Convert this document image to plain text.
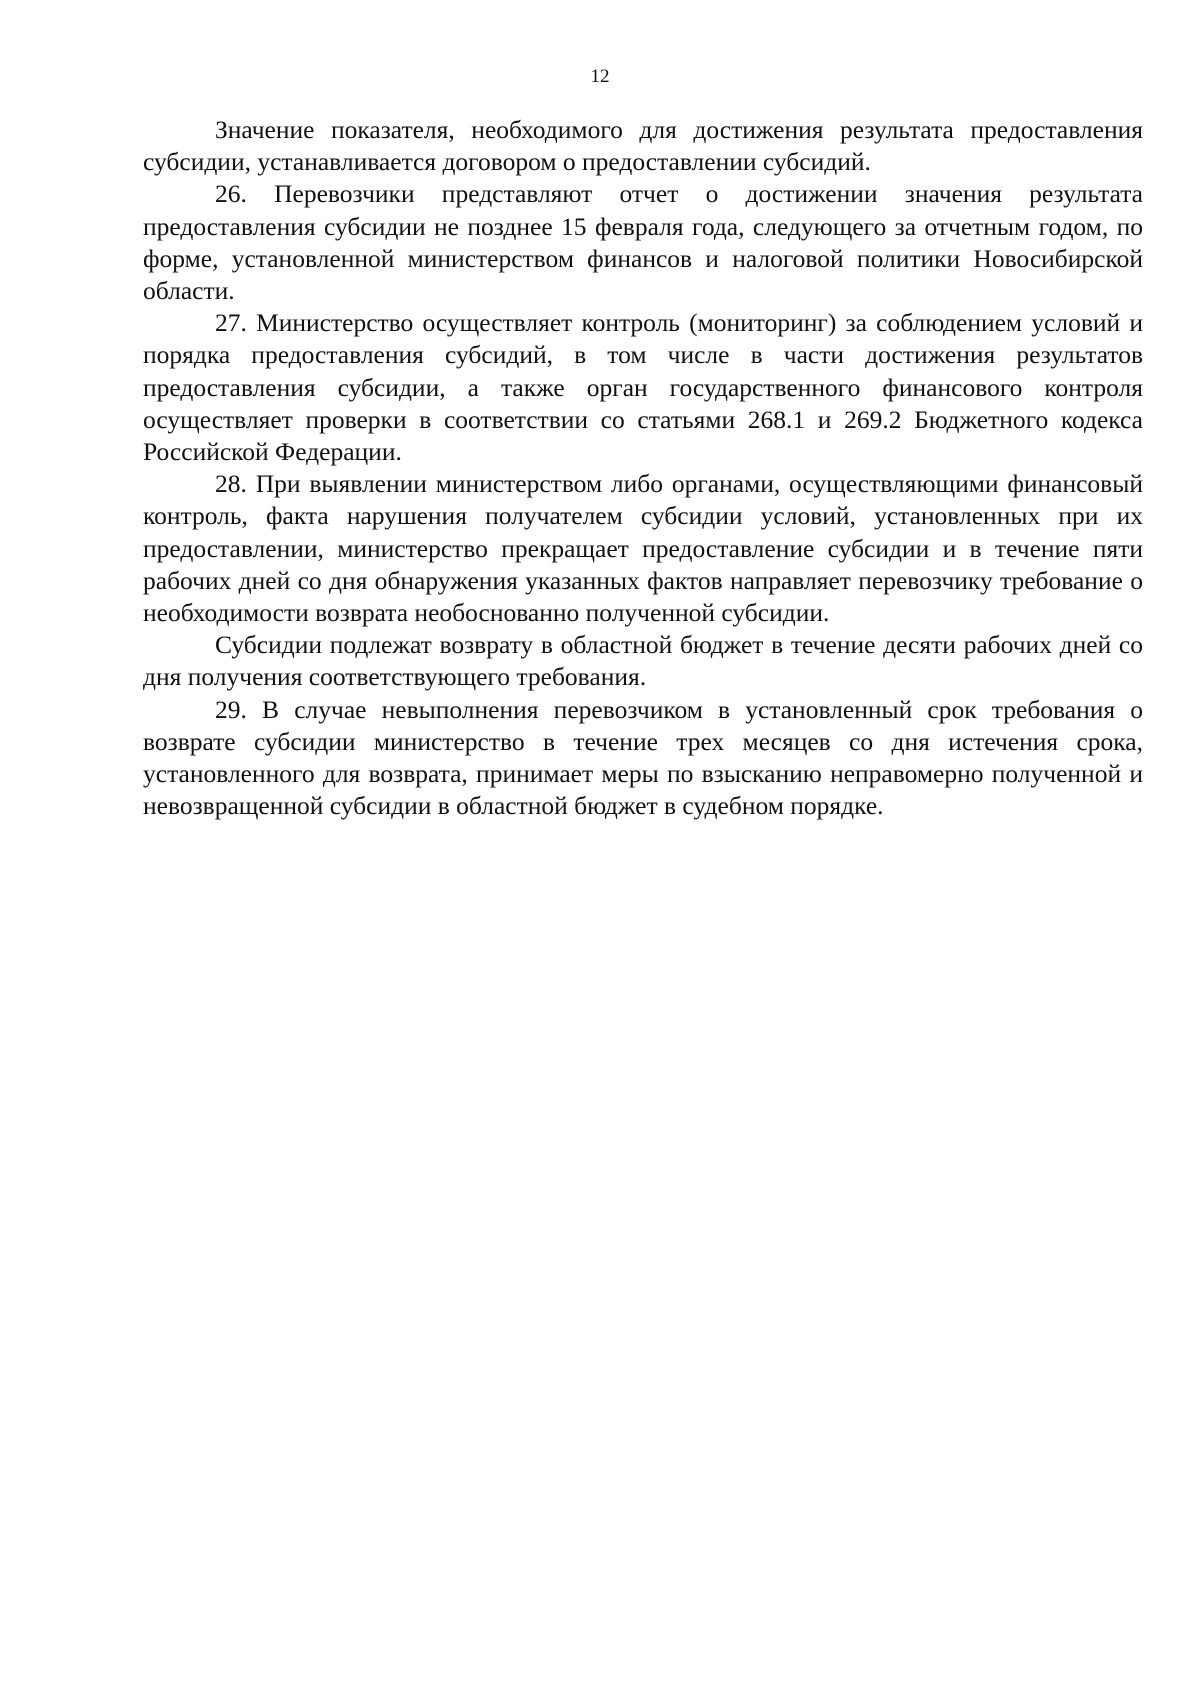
12

Значение показателя, необходимого для достижения результата предоставления субсидии, устанавливается договором о предоставлении субсидий.

26. Перевозчики представляют отчет о достижении значения результата предоставления субсидии не позднее 15 февраля года, следующего за отчетным годом, по форме, установленной министерством финансов и налоговой политики Новосибирской области.

27. Министерство осуществляет контроль (мониторинг) за соблюдением условий и порядка предоставления субсидий, в том числе в части достижения результатов предоставления субсидии, а также орган государственного финансового контроля осуществляет проверки в соответствии со статьями 268.1 и 269.2 Бюджетного кодекса Российской Федерации.

28. При выявлении министерством либо органами, осуществляющими финансовый контроль, факта нарушения получателем субсидии условий, установленных при их предоставлении, министерство прекращает предоставление субсидии и в течение пяти рабочих дней со дня обнаружения указанных фактов направляет перевозчику требование о необходимости возврата необоснованно полученной субсидии.

Субсидии подлежат возврату в областной бюджет в течение десяти рабочих дней со дня получения соответствующего требования.

29. В случае невыполнения перевозчиком в установленный срок требования о возврате субсидии министерство в течение трех месяцев со дня истечения срока, установленного для возврата, принимает меры по взысканию неправомерно полученной и невозвращенной субсидии в областной бюджет в судебном порядке.
